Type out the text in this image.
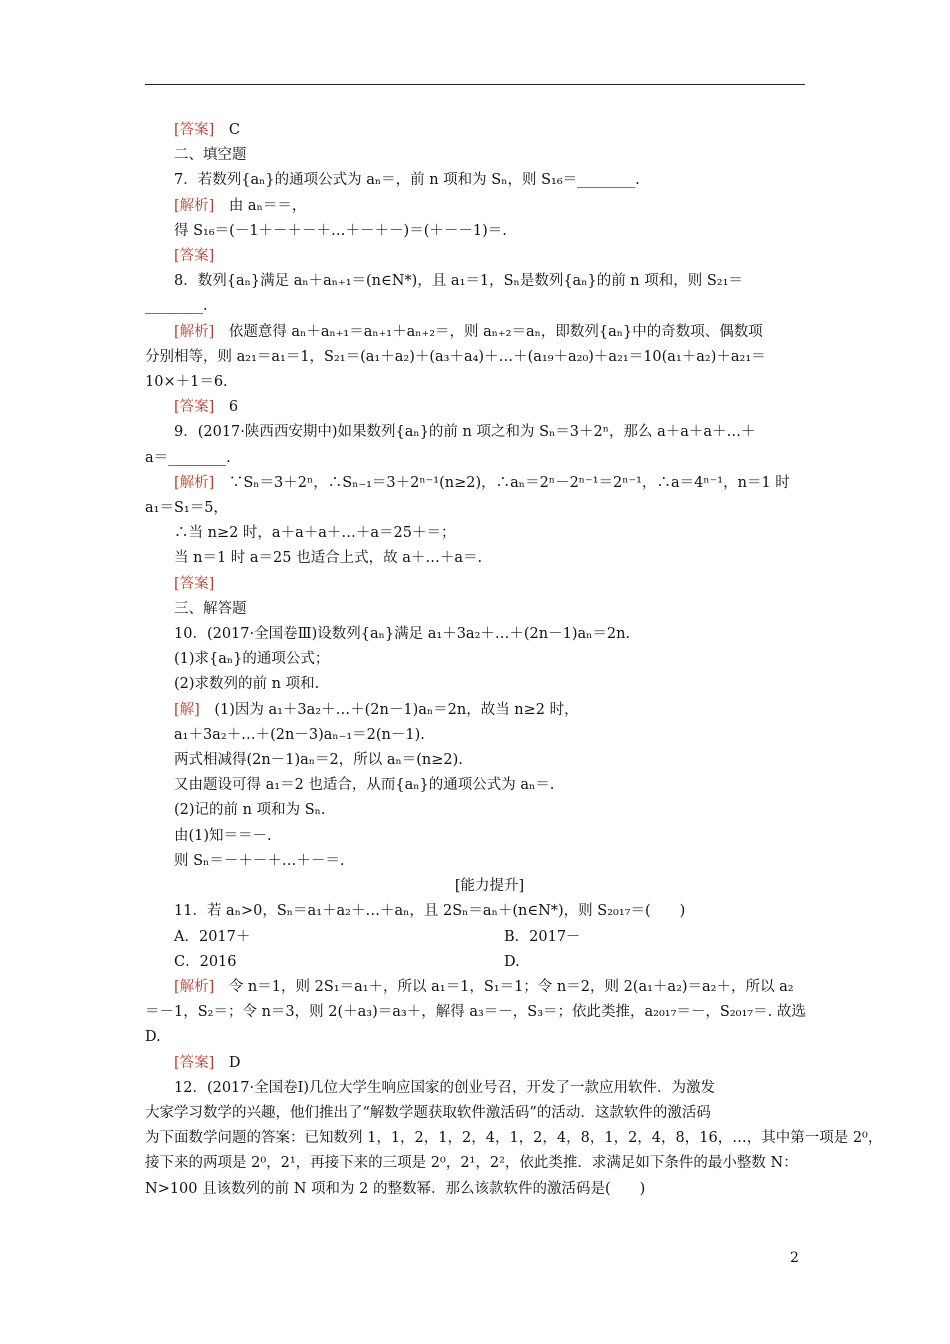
[答案]　C
二、填空题
7．若数列{aₙ}的通项公式为 aₙ＝，前 n 项和为 Sₙ，则 S₁₆＝________.
[解析]　由 aₙ＝＝，
得 S₁₆＝(－1＋－＋－＋…＋－＋－)＝(＋－－1)＝.
[答案]
8．数列{aₙ}满足 aₙ＋aₙ₊₁＝(n∈N*)，且 a₁＝1，Sₙ是数列{aₙ}的前 n 项和，则 S₂₁＝
________.
[解析]　依题意得 aₙ＋aₙ₊₁＝aₙ₊₁＋aₙ₊₂＝，则 aₙ₊₂＝aₙ，即数列{aₙ}中的奇数项、偶数项
分别相等，则 a₂₁＝a₁＝1，S₂₁＝(a₁＋a₂)＋(a₃＋a₄)＋…＋(a₁₉＋a₂₀)＋a₂₁＝10(a₁＋a₂)＋a₂₁＝
10×＋1＝6.
[答案]　6
9．(2017·陕西西安期中)如果数列{aₙ}的前 n 项之和为 Sₙ＝3＋2ⁿ，那么 a＋a＋a＋…＋
a＝________.
[解析]　∵Sₙ＝3＋2ⁿ，∴Sₙ₋₁＝3＋2ⁿ⁻¹(n≥2)，∴aₙ＝2ⁿ－2ⁿ⁻¹＝2ⁿ⁻¹，∴a＝4ⁿ⁻¹，n＝1 时
a₁＝S₁＝5，
∴当 n≥2 时，a＋a＋a＋…＋a＝25＋＝；
当 n＝1 时 a＝25 也适合上式，故 a＋…＋a＝.
[答案]
三、解答题
10．(2017·全国卷Ⅲ)设数列{aₙ}满足 a₁＋3a₂＋…＋(2n－1)aₙ＝2n.
(1)求{aₙ}的通项公式；
(2)求数列的前 n 项和.
[解]　(1)因为 a₁＋3a₂＋…＋(2n－1)aₙ＝2n，故当 n≥2 时，
a₁＋3a₂＋…＋(2n－3)aₙ₋₁＝2(n－1).
两式相减得(2n－1)aₙ＝2，所以 aₙ＝(n≥2).
又由题设可得 a₁＝2 也适合，从而{aₙ}的通项公式为 aₙ＝.
(2)记的前 n 项和为 Sₙ.
由(1)知＝＝－.
则 Sₙ＝－＋－＋…＋－＝.
[能力提升]
11．若 aₙ>0，Sₙ＝a₁＋a₂＋…＋aₙ，且 2Sₙ＝aₙ＋(n∈N*)，则 S₂₀₁₇＝(　　)
A．2017＋	B．2017－
C．2016	D.
[解析]　令 n＝1，则 2S₁＝a₁＋，所以 a₁＝1，S₁＝1；令 n＝2，则 2(a₁＋a₂)＝a₂＋，所以 a₂
＝－1，S₂＝；令 n＝3，则 2(＋a₃)＝a₃＋，解得 a₃＝－，S₃＝；依此类推，a₂₀₁₇＝－，S₂₀₁₇＝. 故选
D.
[答案]　D
12．(2017·全国卷Ⅰ)几位大学生响应国家的创业号召，开发了一款应用软件．为激发
大家学习数学的兴趣，他们推出了“解数学题获取软件激活码”的活动．这款软件的激活码
为下面数学问题的答案：已知数列 1，1，2，1，2，4，1，2，4，8，1，2，4，8，16，…，其中第一项是 2⁰，
接下来的两项是 2⁰，2¹，再接下来的三项是 2⁰，2¹，2²，依此类推．求满足如下条件的最小整数 N：
N>100 且该数列的前 N 项和为 2 的整数幂．那么该款软件的激活码是(　　)
2
